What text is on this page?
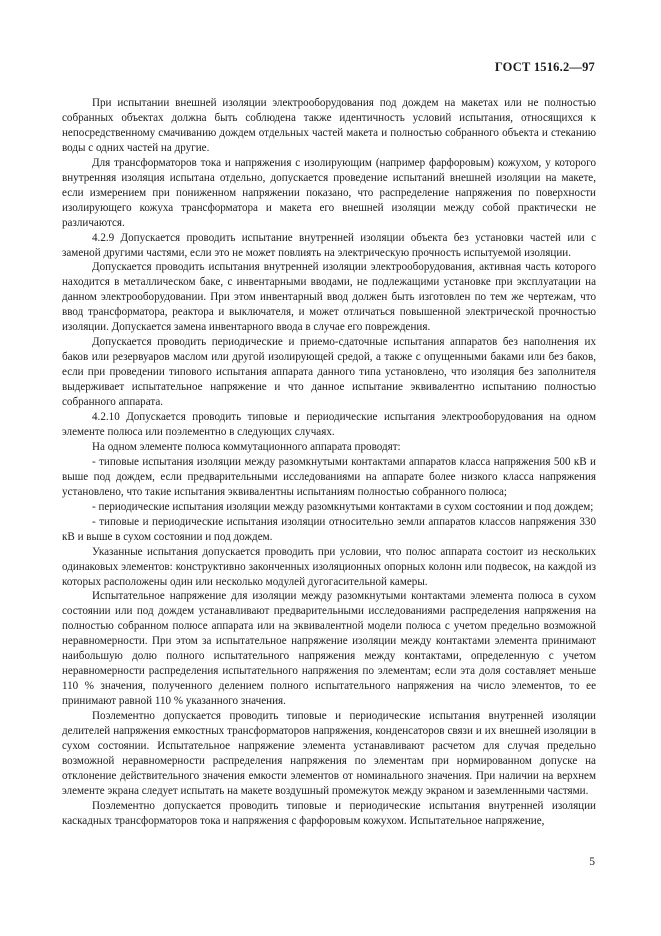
ГОСТ 1516.2—97

При испытании внешней изоляции электрооборудования под дождем на макетах или не полностью собранных объектах должна быть соблюдена также идентичность условий испытания, относящихся к непосредственному смачиванию дождем отдельных частей макета и полностью собранного объекта и стеканию воды с одних частей на другие.

Для трансформаторов тока и напряжения с изолирующим (например фарфоровым) кожухом, у которого внутренняя изоляция испытана отдельно, допускается проведение испытаний внешней изоляции на макете, если измерением при пониженном напряжении показано, что распределение напряжения по поверхности изолирующего кожуха трансформатора и макета его внешней изоляции между собой практически не различаются.

4.2.9 Допускается проводить испытание внутренней изоляции объекта без установки частей или с заменой другими частями, если это не может повлиять на электрическую прочность испытуемой изоляции.

Допускается проводить испытания внутренней изоляции электрооборудования, активная часть которого находится в металлическом баке, с инвентарными вводами, не подлежащими установке при эксплуатации на данном электрооборудовании. При этом инвентарный ввод должен быть изготовлен по тем же чертежам, что ввод трансформатора, реактора и выключателя, и может отличаться повышенной электрической прочностью изоляции. Допускается замена инвентарного ввода в случае его повреждения.

Допускается проводить периодические и приемо-сдаточные испытания аппаратов без наполнения их баков или резервуаров маслом или другой изолирующей средой, а также с опущенными баками или без баков, если при проведении типового испытания аппарата данного типа установлено, что изоляция без заполнителя выдерживает испытательное напряжение и что данное испытание эквивалентно испытанию полностью собранного аппарата.

4.2.10 Допускается проводить типовые и периодические испытания электрооборудования на одном элементе полюса или поэлементно в следующих случаях.

На одном элементе полюса коммутационного аппарата проводят:

- типовые испытания изоляции между разомкнутыми контактами аппаратов класса напряжения 500 кВ и выше под дождем, если предварительными исследованиями на аппарате более низкого класса напряжения установлено, что такие испытания эквивалентны испытаниям полностью собранного полюса;

- периодические испытания изоляции между разомкнутыми контактами в сухом состоянии и под дождем;

- типовые и периодические испытания изоляции относительно земли аппаратов классов напряжения 330 кВ и выше в сухом состоянии и под дождем.

Указанные испытания допускается проводить при условии, что полюс аппарата состоит из нескольких одинаковых элементов: конструктивно законченных изоляционных опорных колонн или подвесок, на каждой из которых расположены один или несколько модулей дугогасительной камеры.

Испытательное напряжение для изоляции между разомкнутыми контактами элемента полюса в сухом состоянии или под дождем устанавливают предварительными исследованиями распределения напряжения на полностью собранном полюсе аппарата или на эквивалентной модели полюса с учетом предельно возможной неравномерности. При этом за испытательное напряжение изоляции между контактами элемента принимают наибольшую долю полного испытательного напряжения между контактами, определенную с учетом неравномерности распределения испытательного напряжения по элементам; если эта доля составляет меньше 110 % значения, полученного делением полного испытательного напряжения на число элементов, то ее принимают равной 110 % указанного значения.

Поэлементно допускается проводить типовые и периодические испытания внутренней изоляции делителей напряжения емкостных трансформаторов напряжения, конденсаторов связи и их внешней изоляции в сухом состоянии. Испытательное напряжение элемента устанавливают расчетом для случая предельно возможной неравномерности распределения напряжения по элементам при нормированном допуске на отклонение действительного значения емкости элементов от номинального значения. При наличии на верхнем элементе экрана следует испытать на макете воздушный промежуток между экраном и заземленными частями.

Поэлементно допускается проводить типовые и периодические испытания внутренней изоляции каскадных трансформаторов тока и напряжения с фарфоровым кожухом. Испытательное напряжение,

5
